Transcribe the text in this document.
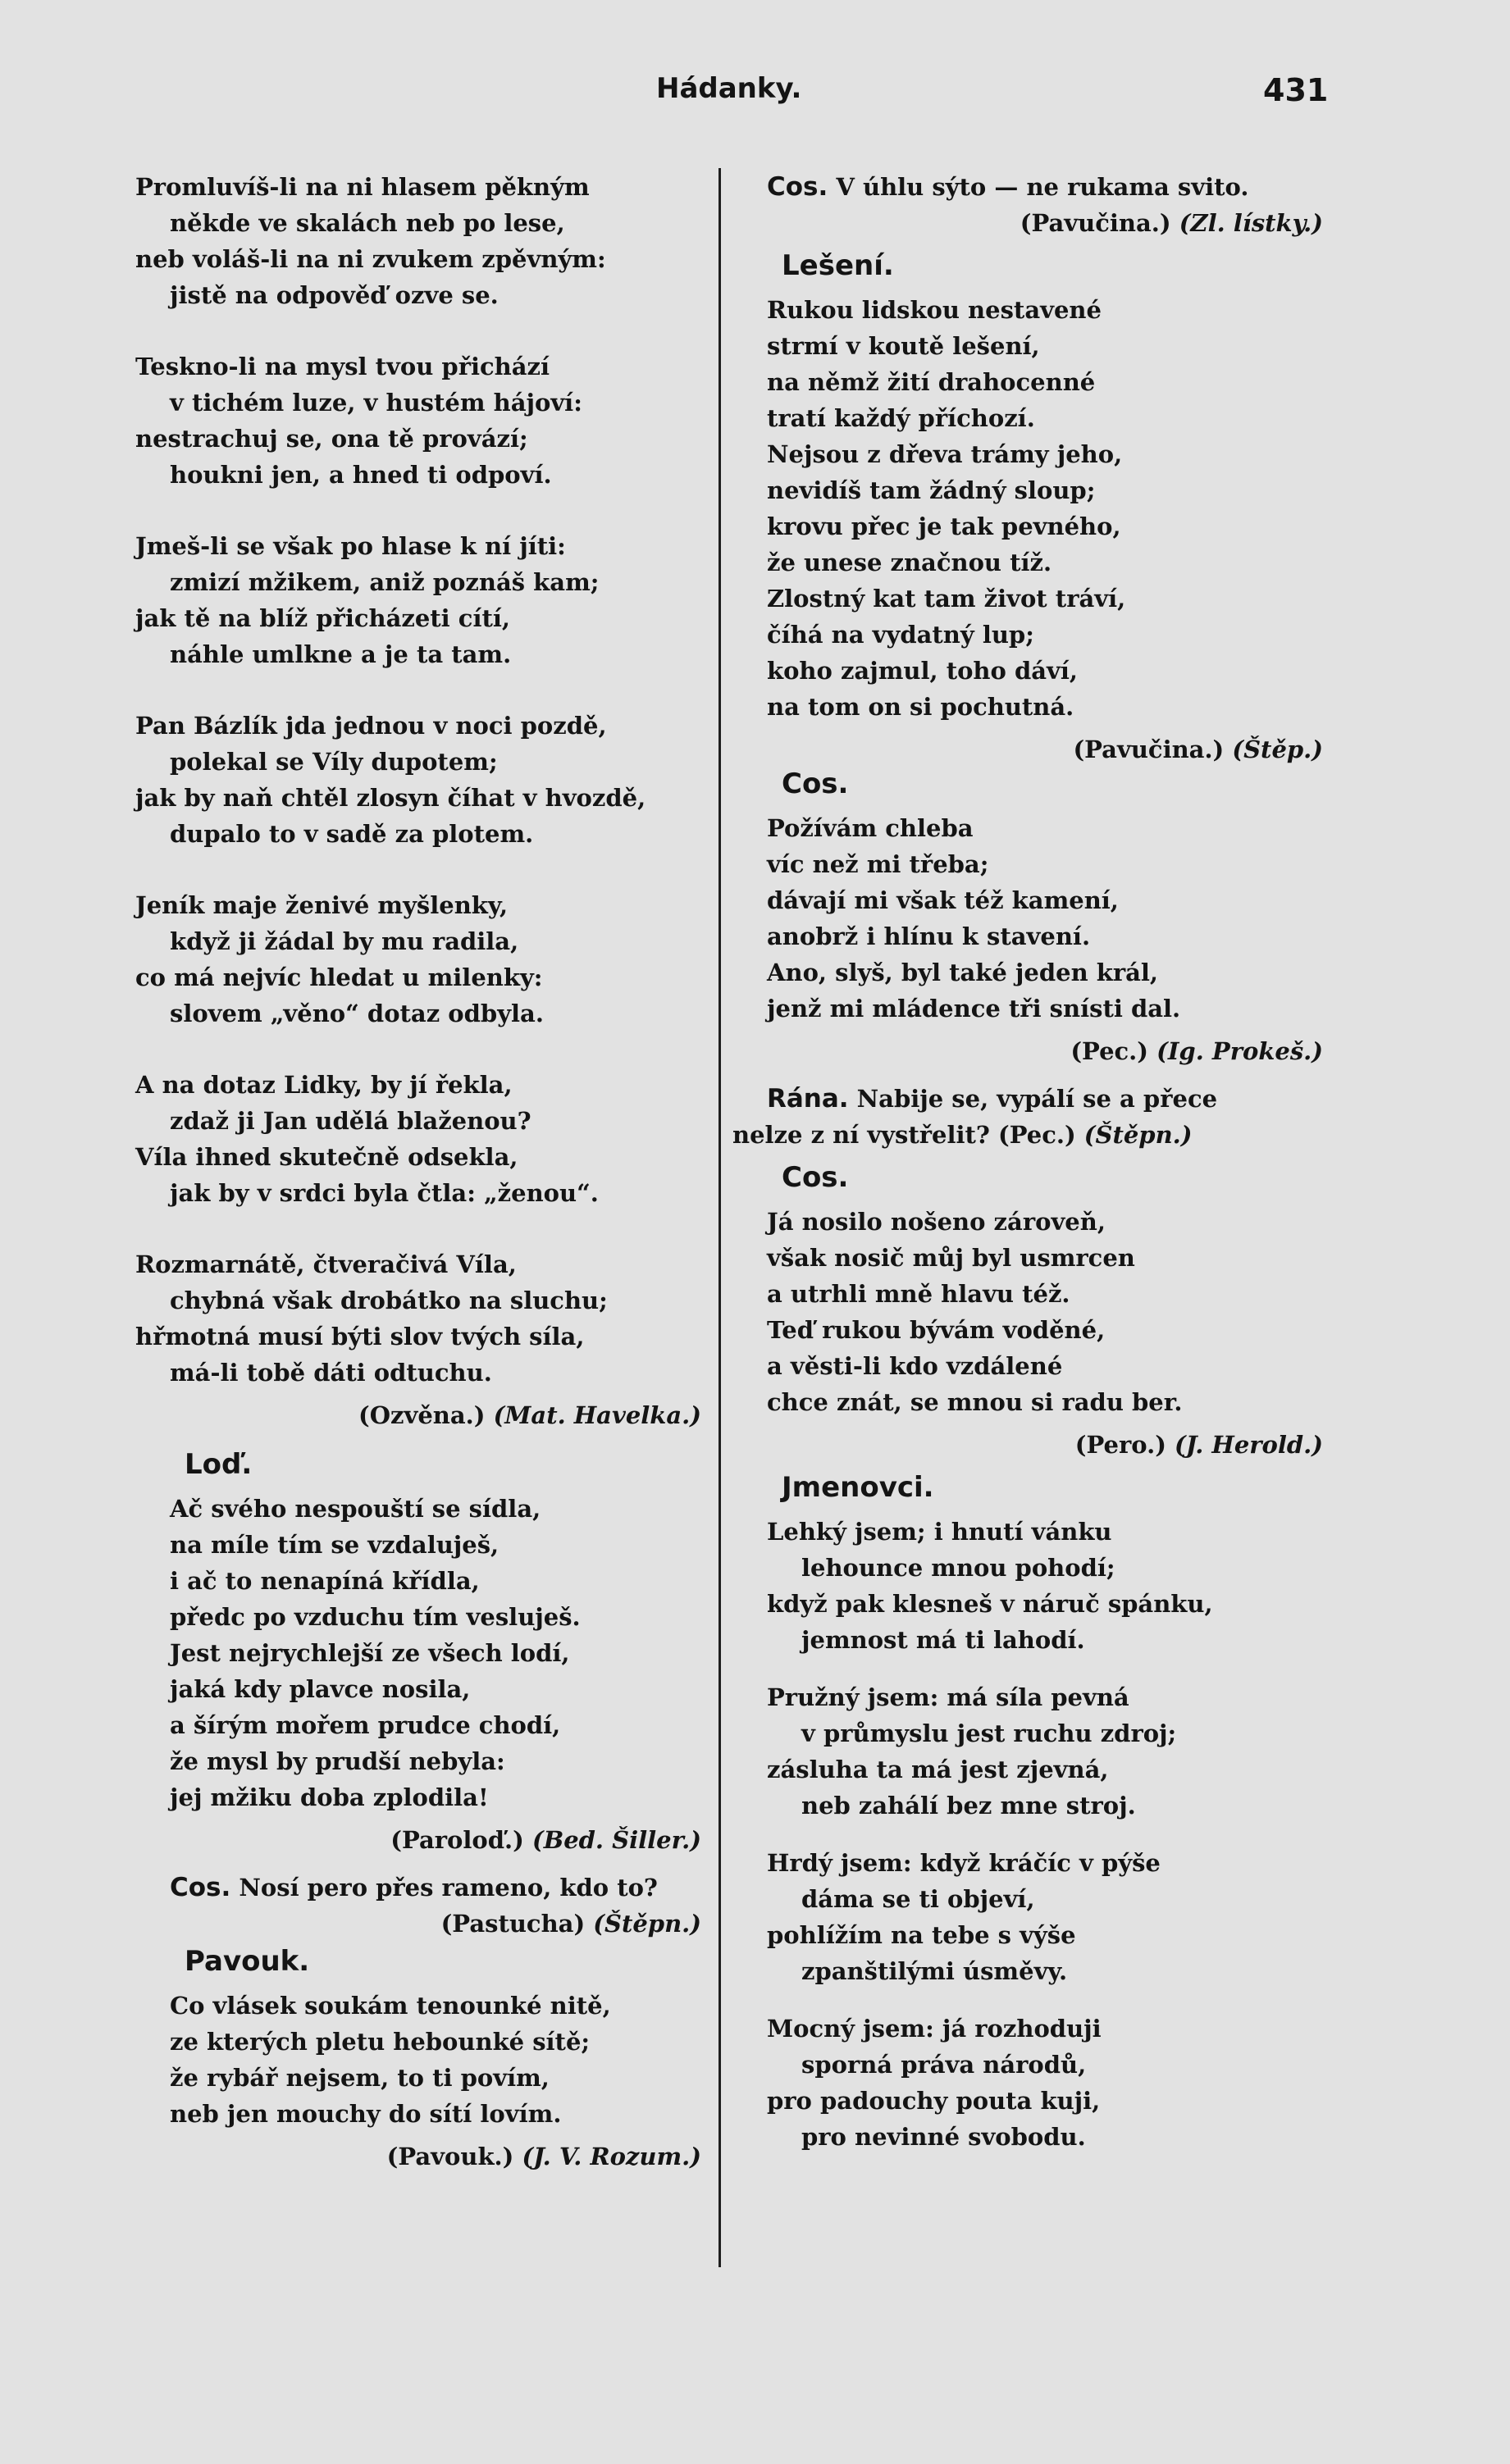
Hádanky.	431
Promluvíš-li na ni hlasem pěkným
někde ve skalách neb po lese,
neb voláš-li na ni zvukem zpěvným:
jistě na odpověď ozve se.
Teskno-li na mysl tvou přichází
v tichém luze, v hustém hájoví:
nestrachuj se, ona tě provází;
houkni jen, a hned ti odpoví.
Jmeš-li se však po hlase k ní jíti:
zmizí mžikem, aniž poznáš kam;
jak tě na blíž přicházeti cítí,
náhle umlkne a je ta tam.
Pan Bázlík jda jednou v noci pozdě,
polekal se Víly dupotem;
jak by naň chtěl zlosyn číhat v hvozdě,
dupalo to v sadě za plotem.
Jeník maje ženivé myšlenky,
když ji žádal by mu radila,
co má nejvíc hledat u milenky:
slovem „věno“ dotaz odbyla.
A na dotaz Lidky, by jí řekla,
zdaž ji Jan udělá blaženou?
Víla ihned skutečně odsekla,
jak by v srdci byla čtla: „ženou“.
Rozmarnátě, čtveračivá Víla,
chybná však drobátko na sluchu;
hřmotná musí býti slov tvých síla,
má-li tobě dáti odtuchu.
(Ozvěna.) (Mat. Havelka.)
Loď.
Ač svého nespouští se sídla,
na míle tím se vzdaluješ,
i ač to nenapíná křídla,
předc po vzduchu tím vesluješ.
Jest nejrychlejší ze všech lodí,
jaká kdy plavce nosila,
a šírým mořem prudce chodí,
že mysl by prudší nebyla:
jej mžiku doba zplodila!
(Paroloď.) (Bed. Šiller.)
Cos. Nosí pero přes rameno, kdo to?
(Pastucha) (Štěpn.)
Pavouk.
Co vlásek soukám tenounké nitě,
ze kterých pletu hebounké sítě;
že rybář nejsem, to ti povím,
neb jen mouchy do sítí lovím.
(Pavouk.) (J. V. Rozum.)
Cos. V úhlu sýto — ne rukama svito.
(Pavučina.) (Zl. lístky.)
Lešení.
Rukou lidskou nestavené
strmí v koutě lešení,
na němž žití drahocenné
tratí každý příchozí.
Nejsou z dřeva trámy jeho,
nevidíš tam žádný sloup;
krovu přec je tak pevného,
že unese značnou tíž.
Zlostný kat tam život tráví,
číhá na vydatný lup;
koho zajmul, toho dáví,
na tom on si pochutná.
(Pavučina.) (Štěp.)
Cos.
Požívám chleba
víc než mi třeba;
dávají mi však též kamení,
anobrž i hlínu k stavení.
Ano, slyš, byl také jeden král,
jenž mi mládence tři snísti dal.
(Pec.) (Ig. Prokeš.)
Rána. Nabije se, vypálí se a přece
nelze z ní vystřelit? (Pec.) (Štěpn.)
Cos.
Já nosilo nošeno zároveň,
však nosič můj byl usmrcen
a utrhli mně hlavu též.
Teď rukou bývám voděné,
a věsti-li kdo vzdálené
chce znát, se mnou si radu ber.
(Pero.) (J. Herold.)
Jmenovci.
Lehký jsem; i hnutí vánku
lehounce mnou pohodí;
když pak klesneš v náruč spánku,
jemnost má ti lahodí.
Pružný jsem: má síla pevná
v průmyslu jest ruchu zdroj;
zásluha ta má jest zjevná,
neb zahálí bez mne stroj.
Hrdý jsem: když kráčíc v pýše
dáma se ti objeví,
pohlížím na tebe s výše
zpanštilými úsměvy.
Mocný jsem: já rozhoduji
sporná práva národů,
pro padouchy pouta kuji,
pro nevinné svobodu.
